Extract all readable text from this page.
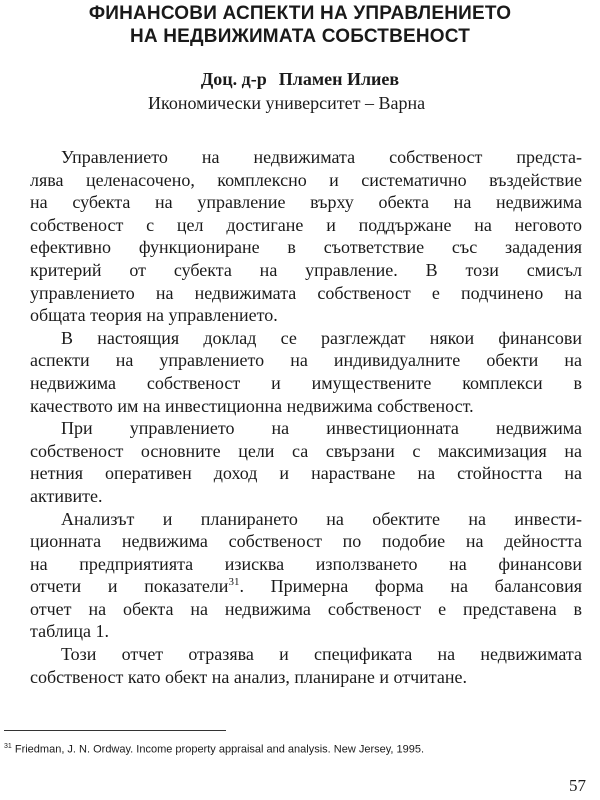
ФИНАНСОВИ АСПЕКТИ НА УПРАВЛЕНИЕТО
НА НЕДВИЖИМАТА СОБСТВЕНОСТ
Доц. д-р Пламен Илиев
Икономически университет – Варна

Управлението на недвижимата собственост предста-
лява целенасочено, комплексно и систематично въздействие
на субекта на управление върху обекта на недвижима
собственост с цел достигане и поддържане на неговото
ефективно функциониране в съответствие със зададения
критерий от субекта на управление. В този смисъл
управлението на недвижимата собственост е подчинено на
общата теория на управлението.

В настоящия доклад се разглеждат някои финансови
аспекти на управлението на индивидуалните обекти на
недвижима собственост и имуществените комплекси в
качеството им на инвестиционна недвижима собственост.

При управлението на инвестиционната недвижима
собственост основните цели са свързани с максимизация на
нетния оперативен доход и нарастване на стойността на
активите.

Анализът и планирането на обектите на инвести-
ционната недвижима собственост по подобие на дейността
на предприятията изисква използването на финансови
отчети и показатели$^{31}$. Примерна форма на балансовия
отчет на обекта на недвижима собственост е представена в
таблица 1.

Този отчет отразява и спецификата на недвижимата
собственост като обект на анализ, планиране и отчитане.

$^{31}$ Friedman, J. N. Ordway. Income property appraisal and analysis. New Jersey, 1995.
57
